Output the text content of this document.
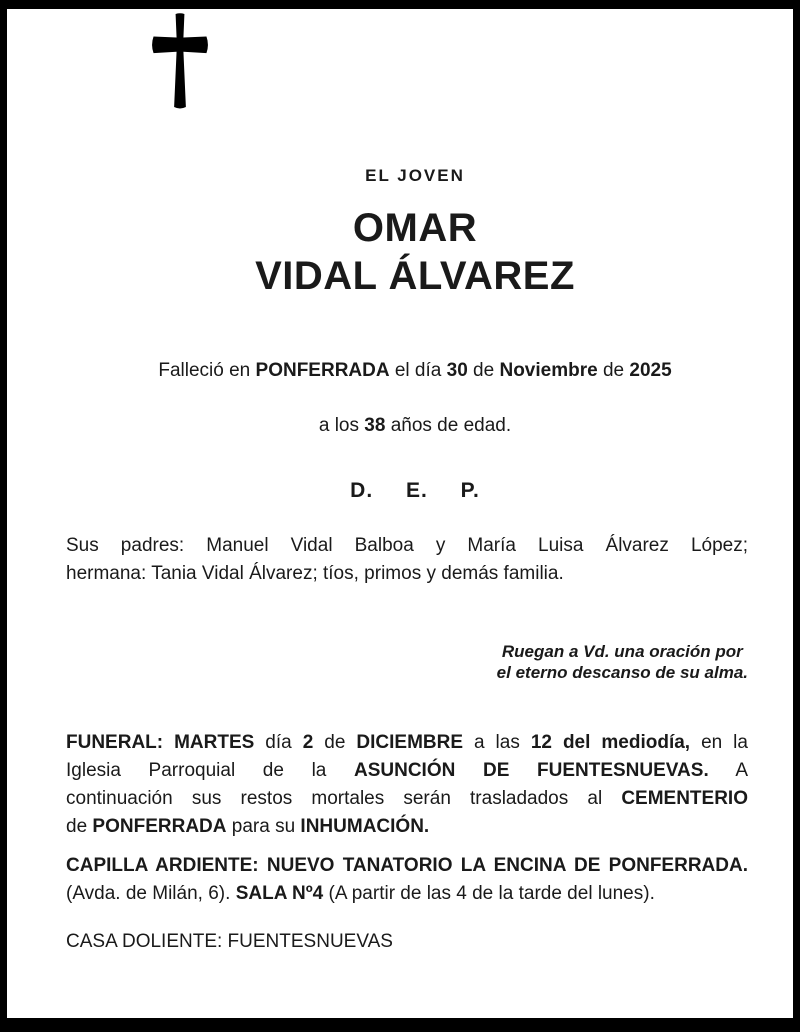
EL JOVEN
OMAR
VIDAL ÁLVAREZ
Falleció en PONFERRADA el día 30 de Noviembre de 2025
a los 38 años de edad.
D. E. P.
Sus padres: Manuel Vidal Balboa y María Luisa Álvarez López;
hermana: Tania Vidal Álvarez; tíos, primos y demás familia.
Ruegan a Vd. una oración por
el eterno descanso de su alma.
FUNERAL: MARTES día 2 de DICIEMBRE a las 12 del mediodía, en la
Iglesia Parroquial de la ASUNCIÓN DE FUENTESNUEVAS. A
continuación sus restos mortales serán trasladados al CEMENTERIO
de PONFERRADA para su INHUMACIÓN.
CAPILLA ARDIENTE: NUEVO TANATORIO LA ENCINA DE PONFERRADA.
(Avda. de Milán, 6). SALA Nº4 (A partir de las 4 de la tarde del lunes).
CASA DOLIENTE: FUENTESNUEVAS
